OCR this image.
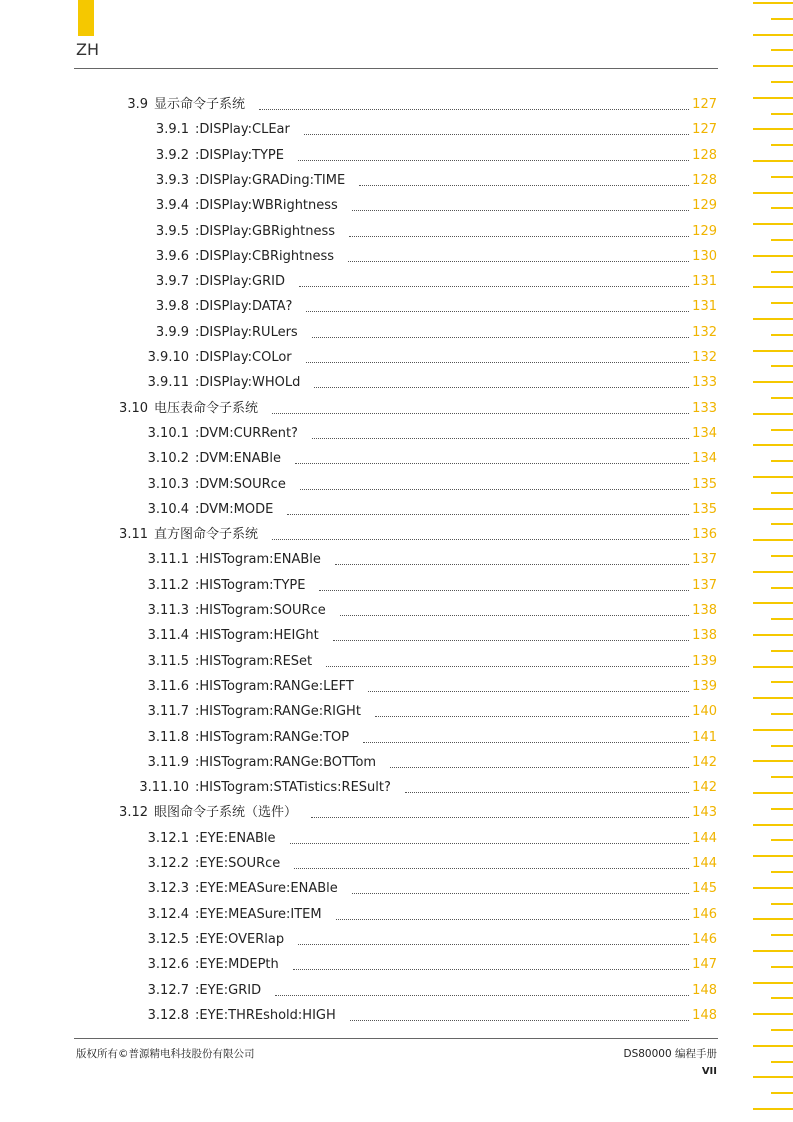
ZH
3.9 显示命令子系统	127
3.9.1 :DISPlay:CLEar	127
3.9.2 :DISPlay:TYPE	128
3.9.3 :DISPlay:GRADing:TIME	128
3.9.4 :DISPlay:WBRightness	129
3.9.5 :DISPlay:GBRightness	129
3.9.6 :DISPlay:CBRightness	130
3.9.7 :DISPlay:GRID	131
3.9.8 :DISPlay:DATA?	131
3.9.9 :DISPlay:RULers	132
3.9.10 :DISPlay:COLor	132
3.9.11 :DISPlay:WHOLd	133
3.10 电压表命令子系统	133
3.10.1 :DVM:CURRent?	134
3.10.2 :DVM:ENABle	134
3.10.3 :DVM:SOURce	135
3.10.4 :DVM:MODE	135
3.11 直方图命令子系统	136
3.11.1 :HISTogram:ENABle	137
3.11.2 :HISTogram:TYPE	137
3.11.3 :HISTogram:SOURce	138
3.11.4 :HISTogram:HEIGht	138
3.11.5 :HISTogram:RESet	139
3.11.6 :HISTogram:RANGe:LEFT	139
3.11.7 :HISTogram:RANGe:RIGHt	140
3.11.8 :HISTogram:RANGe:TOP	141
3.11.9 :HISTogram:RANGe:BOTTom	142
3.11.10 :HISTogram:STATistics:RESult?	142
3.12 眼图命令子系统（选件）	143
3.12.1 :EYE:ENABle	144
3.12.2 :EYE:SOURce	144
3.12.3 :EYE:MEASure:ENABle	145
3.12.4 :EYE:MEASure:ITEM	146
3.12.5 :EYE:OVERlap	146
3.12.6 :EYE:MDEPth	147
3.12.7 :EYE:GRID	148
3.12.8 :EYE:THREshold:HIGH	148
版权所有©普源精电科技股份有限公司	DS80000 编程手册
VII
